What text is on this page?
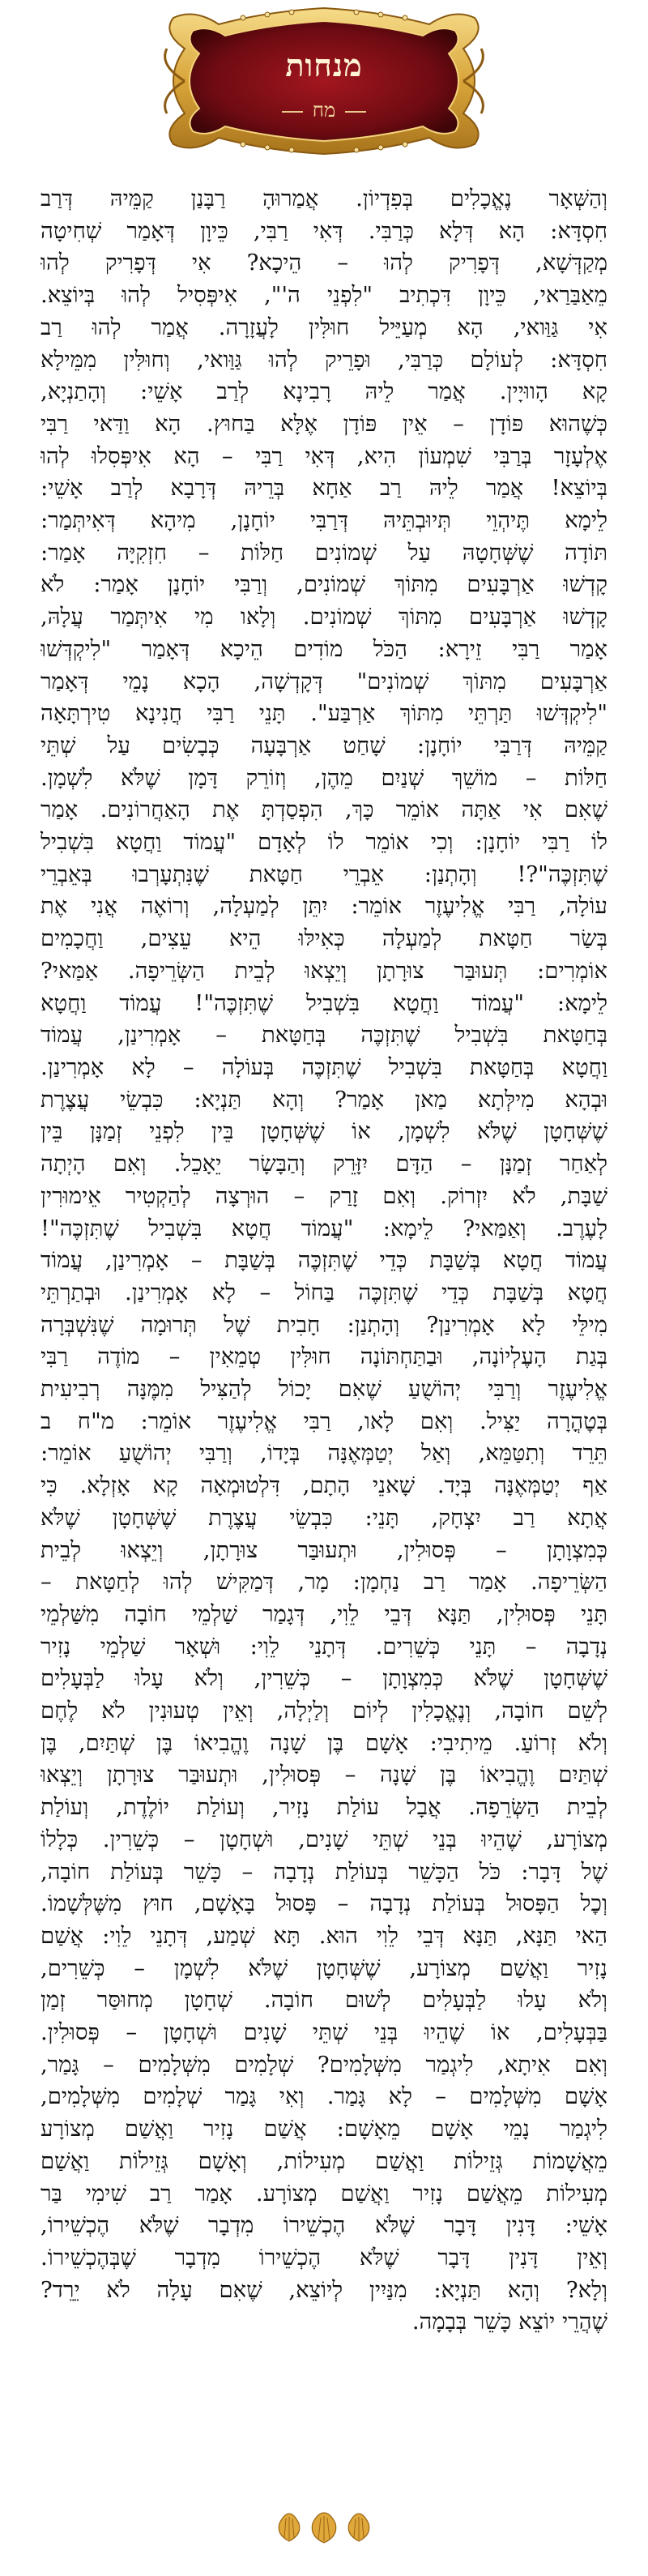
מנחות
מח
וְהַשְּׁאָר נֶאֱכָלִים בְּפִדְיוֹן. אֲמַרוּהָ רַבָּנַן קַמֵּיהּ דְּרַב
חִסְדָּא: הָא דְּלָא כְּרַבִּי. דְּאִי רַבִּי, כֵּיוָן דְּאָמַר שְׁחִיטָה
מְקַדְּשָׁא, דְּפָרִיק לְהוּ – הֵיכָא? אִי דְּפָרִיק לְהוּ
מֵאַבַּרַאי, כֵּיוָן דִּכְתִיב "לִפְנֵי ה'", אִיפְּסִיל לְהוּ בְּיוֹצֵא.
אִי גַּוַּואי, הָא מְעַיֵּיל חוּלִּין לָעֲזָרָה. אֲמַר לְהוּ רַב
חִסְדָּא: לְעוֹלָם כְּרַבִּי, וּפָרֵיק לְהוּ גַּוַּואי, וְחוּלִּין מִמֵּילָא
קָא הָווּיָין. אֲמַר לֵיהּ רָבִינָא לְרַב אָשֵׁי: וְהָתַנְיָא,
כְּשֶׁהוּא פּוֹדָן – אֵין פּוֹדָן אֶלָּא בַּחוּץ. הָא וַדַּאי רַבִּי
אֶלְעָזָר בְּרַבִּי שִׁמְעוֹן הִיא, דְּאִי רַבִּי – הָא אִיפְּסִלוּ לְהוּ
בְּיוֹצֵא! אֲמַר לֵיהּ רַב אַחָא בְּרֵיהּ דְּרָבָא לְרַב אָשֵׁי:
לֵימָא תֶּיהְוֵי תְּיוּבְתֵּיהּ דְּרַבִּי יוֹחָנָן, מִיהָא דְּאִיתְּמַר:
תּוֹדָה שֶׁשְּׁחָטָהּ עַל שְׁמוֹנִים חַלּוֹת – חִזְקִיָּה אָמַר:
קָדְשׁוּ אַרְבָּעִים מִתּוֹךְ שְׁמוֹנִים, וְרַבִּי יוֹחָנָן אָמַר: לֹא
קָדְשׁוּ אַרְבָּעִים מִתּוֹךְ שְׁמוֹנִים. וְלָאו מִי אִיתְּמַר עֲלָהּ,
אָמַר רַבִּי זֵירָא: הַכֹּל מוֹדִים הֵיכָא דְּאָמַר "לִיקְדְּשׁוּ
אַרְבָּעִים מִתּוֹךְ שְׁמוֹנִים" דְּקָדְשָׁה, הָכָא נָמֵי דְּאָמַר
"לִיקְדְּשׁוּ תַּרְתֵּי מִתּוֹךְ אַרְבַּע". תָּנֵי רַבִּי חֲנִינָא טִירְתָּאָה
קַמֵּיהּ דְּרַבִּי יוֹחָנָן: שָׁחַט אַרְבָּעָה כְּבָשִׂים עַל שְׁתֵּי
חַלּוֹת – מוֹשֵׁךְ שְׁנַיִם מֵהֶן, וְזוֹרֵק דָּמָן שֶׁלֹּא לִשְׁמָן.
שֶׁאִם אִי אַתָּה אוֹמֵר כָּךְ, הִפְסַדְתָּ אֶת הָאַחֲרוֹנִים. אָמַר
לוֹ רַבִּי יוֹחָנָן: וְכִי אוֹמֵר לוֹ לְאָדָם "עֲמוֹד וַחֲטָא בִּשְׁבִיל
שֶׁתִּזְכֶּה"?! וְהָתְנַן: אֵבְרֵי חַטָּאת שֶׁנִּתְעָרְבוּ בְּאֵבְרֵי
עוֹלָה, רַבִּי אֱלִיעֶזֶר אוֹמֵר: יִתֵּן לְמַעְלָה, וְרוֹאֶה אֲנִי אֶת
בְּשַׂר חַטָּאת לְמַעְלָה כְּאִילּוּ הֵיא עֵצִים, וַחֲכָמִים
אוֹמְרִים: תְּעוּבַּר צוּרָתָן וְיֵצְאוּ לְבֵית הַשְּׂרֵיפָה. אַמַּאי?
לֵימָא: "עֲמוֹד וַחֲטָא בִּשְׁבִיל שֶׁתִּזְכֶּה"! עֲמוֹד וַחֲטָא
בְּחַטָּאת בִּשְׁבִיל שֶׁתִּזְכֶּה בְּחַטָּאת – אָמְרִינַן, עֲמוֹד
וַחֲטָא בְּחַטָּאת בִּשְׁבִיל שֶׁתִּזְכֶּה בְּעוֹלָה – לָא אָמְרִינַן.
וּבְהָא מִילְּתָא מַאן אָמַר? וְהָא תַּנְיָא: כִּבְשֵׂי עֲצֶרֶת
שֶׁשְּׁחָטָן שֶׁלֹּא לִשְׁמָן, אוֹ שֶׁשְּׁחָטָן בֵּין לִפְנֵי זְמַנָּן בֵּין
לְאַחַר זְמַנָּן – הַדָּם יִזָּרֵק וְהַבָּשָׂר יֵאָכֵל. וְאִם הָיְתָה
שַׁבָּת, לֹא יִזְרוֹק. וְאִם זָרַק – הוּרְצָה לְהַקְטִיר אֵימוּרִין
לָעֶרֶב. וְאַמַּאי? לֵימָא: "עֲמוֹד חֲטָא בִּשְׁבִיל שֶׁתִּזְכֶּה"!
עֲמוֹד חֲטָא בְּשַׁבָּת כְּדֵי שֶׁתִּזְכֶּה בְּשַׁבָּת – אָמְרִינַן, עֲמוֹד
חֲטָא בְּשַׁבָּת כְּדֵי שֶׁתִּזְכֶּה בַּחוֹל – לָא אָמְרִינַן. וּבְתַרְתֵּי
מִילֵּי לָא אָמְרִינַן? וְהָתְנַן: חָבִית שֶׁל תְּרוּמָה שֶׁנִּשְׁבְּרָה
בְּגַת הָעֶלְיוֹנָה, וּבַתַּחְתּוֹנָה חוּלִּין טְמֵאִין – מוֹדֶה רַבִּי
אֱלִיעֶזֶר וְרַבִּי יְהוֹשֻׁעַ שֶׁאִם יָכוֹל לְהַצִּיל מִמֶּנָּה רְבִיעִית
בְּטׇהֳרָה יַצִּיל. וְאִם לָאו, רַבִּי אֱלִיעֶזֶר אוֹמֵר: מ"ח ב
תֵּרֵד וְתִטַּמֵּא, וְאַל יְטַמְּאֶנָּה בְּיָדוֹ, וְרַבִּי יְהוֹשֻׁעַ אוֹמֵר:
אַף יְטַמְּאֶנָּה בְּיָד. שָׁאנֵי הָתָם, דִּלְטוּמְאָה קָא אָזְלָא. כִּי
אֲתָא רַב יִצְחָק, תָּנֵי: כִּבְשֵׂי עֲצֶרֶת שֶׁשְּׁחָטָן שֶׁלֹּא
כְּמִצְוָתָן – פְּסוּלִין, וּתְעוּבַּר צוּרָתָן, וְיֵצְאוּ לְבֵית
הַשְּׂרֵיפָה. אָמַר רַב נַחְמָן: מָר, דְּמַקִּישׁ לְהוּ לְחַטָּאת –
תָּנֵי פְּסוּלִין, תַּנָּא דְּבֵי לֵוִי, דְּגָמַר שַׁלְמֵי חוֹבָה מִשַּׁלְמֵי
נְדָבָה – תָּנֵי כְּשֵׁרִים. דְּתָנֵי לֵוִי: וּשְׁאָר שַׁלְמֵי נָזִיר
שֶׁשְּׁחָטָן שֶׁלֹּא כְּמִצְוָתָן – כְּשֵׁרִין, וְלֹא עָלוּ לַבְּעָלִים
לְשֵׁם חוֹבָה, וְנֶאֱכָלִין לְיוֹם וְלַיְלָה, וְאֵין טְעוּנִין לֹא לֶחֶם
וְלֹא זְרוֹעַ. מֵיתִיבִי: אָשָׁם בֶּן שָׁנָה וֶהֱבִיאוֹ בֶּן שְׁתַּיִם, בֶּן
שְׁתַּיִם וֶהֱבִיאוֹ בֶּן שָׁנָה – פְּסוּלִין, וּתְעוּבַּר צוּרָתָן וְיֵצְאוּ
לְבֵית הַשְּׂרֵפָה. אֲבָל עוֹלַת נָזִיר, וְעוֹלַת יוֹלֶדֶת, וְעוֹלַת
מְצוֹרָע, שֶׁהֵיוּ בְּנֵי שְׁתֵּי שָׁנִים, וּשְׁחָטָן – כְּשֵׁרִין. כְּלָלוֹ
שֶׁל דָּבָר: כֹּל הַכָּשֵׁר בְּעוֹלַת נְדָבָה – כָּשֵׁר בְּעוֹלַת חוֹבָה,
וְכׇל הַפָּסוּל בְּעוֹלַת נְדָבָה – פָּסוּל בָּאָשָׁם, חוּץ מִשֶּׁלְּשָׁמוֹ.
הַאי תַּנָּא, תַּנָּא דְּבֵי לֵוִי הוּא. תָּא שְׁמַע, דְּתָנֵי לֵוִי: אֲשַׁם
נָזִיר וַאֲשַׁם מְצוֹרָע, שֶׁשְּׁחָטָן שֶׁלֹּא לִשְׁמָן – כְּשֵׁרִים,
וְלֹא עָלוּ לַבְּעָלִים לְשׁוּם חוֹבָה. שְׁחָטָן מְחוּסַּר זְמַן
בַּבְּעָלִים, אוֹ שֶׁהֵיוּ בְּנֵי שְׁתֵּי שָׁנִים וּשְׁחָטָן – פְּסוּלִין.
וְאִם אִיתָא, לִיגְמַר מִשְּׁלָמִים? שְׁלָמִים מִשְּׁלָמִים – גָּמַר,
אָשָׁם מִשְּׁלָמִים – לָא גָּמַר. וְאִי גָּמַר שְׁלָמִים מִשְּׁלָמִים,
לִיגְמַר נָמֵי אָשָׁם מֵאָשָׁם: אֲשַׁם נָזִיר וַאֲשַׁם מְצוֹרָע
מֵאֲשָׁמוֹת גְּזֵילוֹת וַאֲשַׁם מְעִילוֹת, וְאָשָׁם גְּזֵילוֹת וַאֲשַׁם
מְעִילוֹת מֵאֲשַׁם נָזִיר וַאֲשַׁם מְצוֹרָע. אָמַר רַב שִׁימִי בַּר
אָשֵׁי: דָּנִין דָּבָר שֶׁלֹּא הֶכְשֵׁירוֹ מִדְבָר שֶׁלֹּא הֶכְשֵׁירוֹ,
וְאֵין דָּנִין דָּבָר שֶׁלֹּא הֶכְשֵׁירוֹ מִדְבָר שֶׁבְּהֶכְשֵׁירוֹ.
וְלָא? וְהָא תַּנְיָא: מִנַּיִין לְיוֹצֵא, שֶׁאִם עָלָה לֹא יֵרֵד?
שֶׁהֲרֵי יוֹצֵא כָּשֵׁר בְּבָמָה.
